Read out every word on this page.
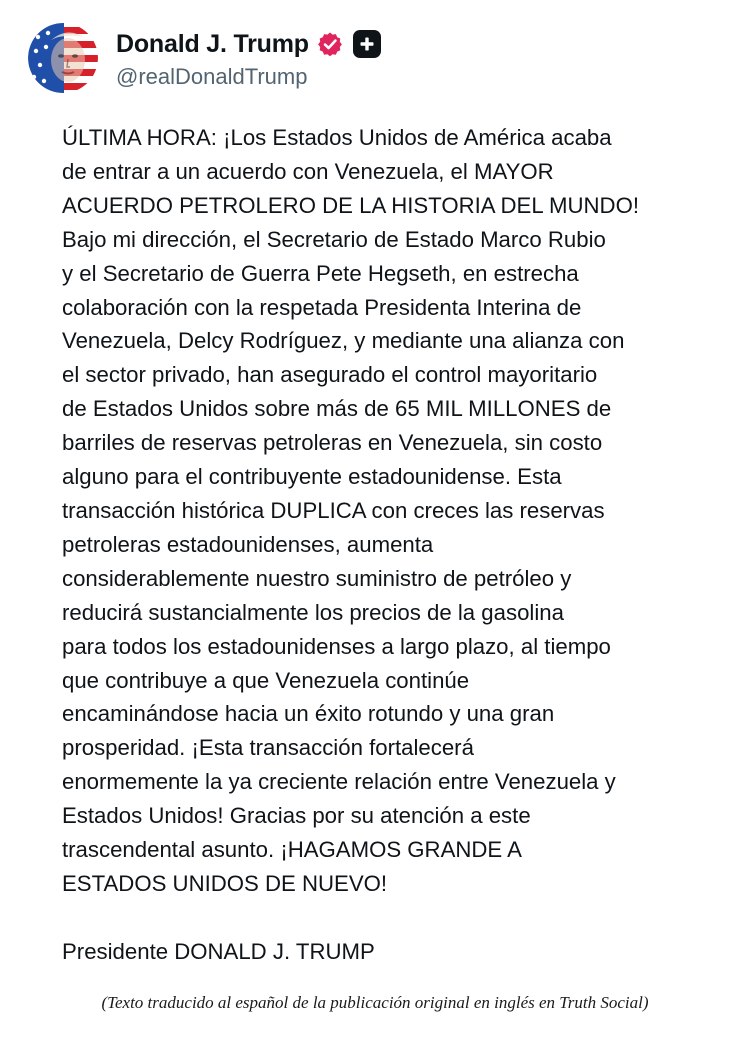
Donald J. Trump
@realDonaldTrump

ÚLTIMA HORA: ¡Los Estados Unidos de América acaba
de entrar a un acuerdo con Venezuela, el MAYOR
ACUERDO PETROLERO DE LA HISTORIA DEL MUNDO!
Bajo mi dirección, el Secretario de Estado Marco Rubio
y el Secretario de Guerra Pete Hegseth, en estrecha
colaboración con la respetada Presidenta Interina de
Venezuela, Delcy Rodríguez, y mediante una alianza con
el sector privado, han asegurado el control mayoritario
de Estados Unidos sobre más de 65 MIL MILLONES de
barriles de reservas petroleras en Venezuela, sin costo
alguno para el contribuyente estadounidense. Esta
transacción histórica DUPLICA con creces las reservas
petroleras estadounidenses, aumenta
considerablemente nuestro suministro de petróleo y
reducirá sustancialmente los precios de la gasolina
para todos los estadounidenses a largo plazo, al tiempo
que contribuye a que Venezuela continúe
encaminándose hacia un éxito rotundo y una gran
prosperidad. ¡Esta transacción fortalecerá
enormemente la ya creciente relación entre Venezuela y
Estados Unidos! Gracias por su atención a este
trascendental asunto. ¡HAGAMOS GRANDE A
ESTADOS UNIDOS DE NUEVO!

Presidente DONALD J. TRUMP
(Texto traducido al español de la publicación original en inglés en Truth Social)
